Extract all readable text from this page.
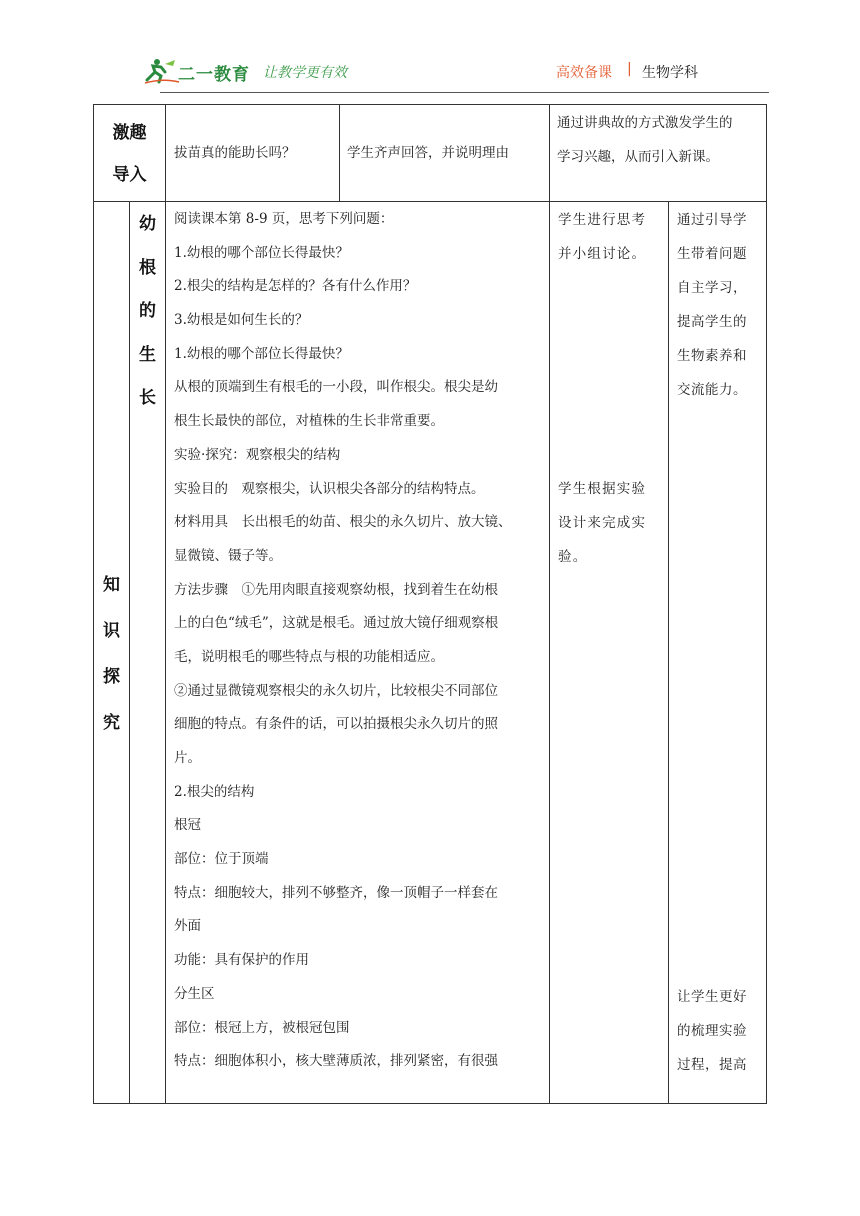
二一教育 让教学更有效	高效备课 | 生物学科
激趣
导入
拔苗真的能助长吗？	学生齐声回答，并说明理由
通过讲典故的方式激发学生的
学习兴趣，从而引入新课。
知
识
探
究
幼
根
的
生
长
阅读课本第 8-9 页，思考下列问题：
1.幼根的哪个部位长得最快？
2.根尖的结构是怎样的？各有什么作用？
3.幼根是如何生长的？
1.幼根的哪个部位长得最快？
从根的顶端到生有根毛的一小段，叫作根尖。根尖是幼
根生长最快的部位，对植株的生长非常重要。
实验·探究：观察根尖的结构
实验目的　观察根尖，认识根尖各部分的结构特点。
材料用具　长出根毛的幼苗、根尖的永久切片、放大镜、
显微镜、镊子等。
方法步骤　①先用肉眼直接观察幼根，找到着生在幼根
上的白色“绒毛”，这就是根毛。通过放大镜仔细观察根
毛，说明根毛的哪些特点与根的功能相适应。
②通过显微镜观察根尖的永久切片，比较根尖不同部位
细胞的特点。有条件的话，可以拍摄根尖永久切片的照
片。
2.根尖的结构
根冠
部位：位于顶端
特点：细胞较大，排列不够整齐，像一顶帽子一样套在
外面
功能：具有保护的作用
分生区
部位：根冠上方，被根冠包围
特点：细胞体积小，核大壁薄质浓，排列紧密，有很强
学生进行思考
并小组讨论。
学生根据实验
设计来完成实
验。
通过引导学
生带着问题
自主学习，
提高学生的
生物素养和
交流能力。
让学生更好
的梳理实验
过程，提高
